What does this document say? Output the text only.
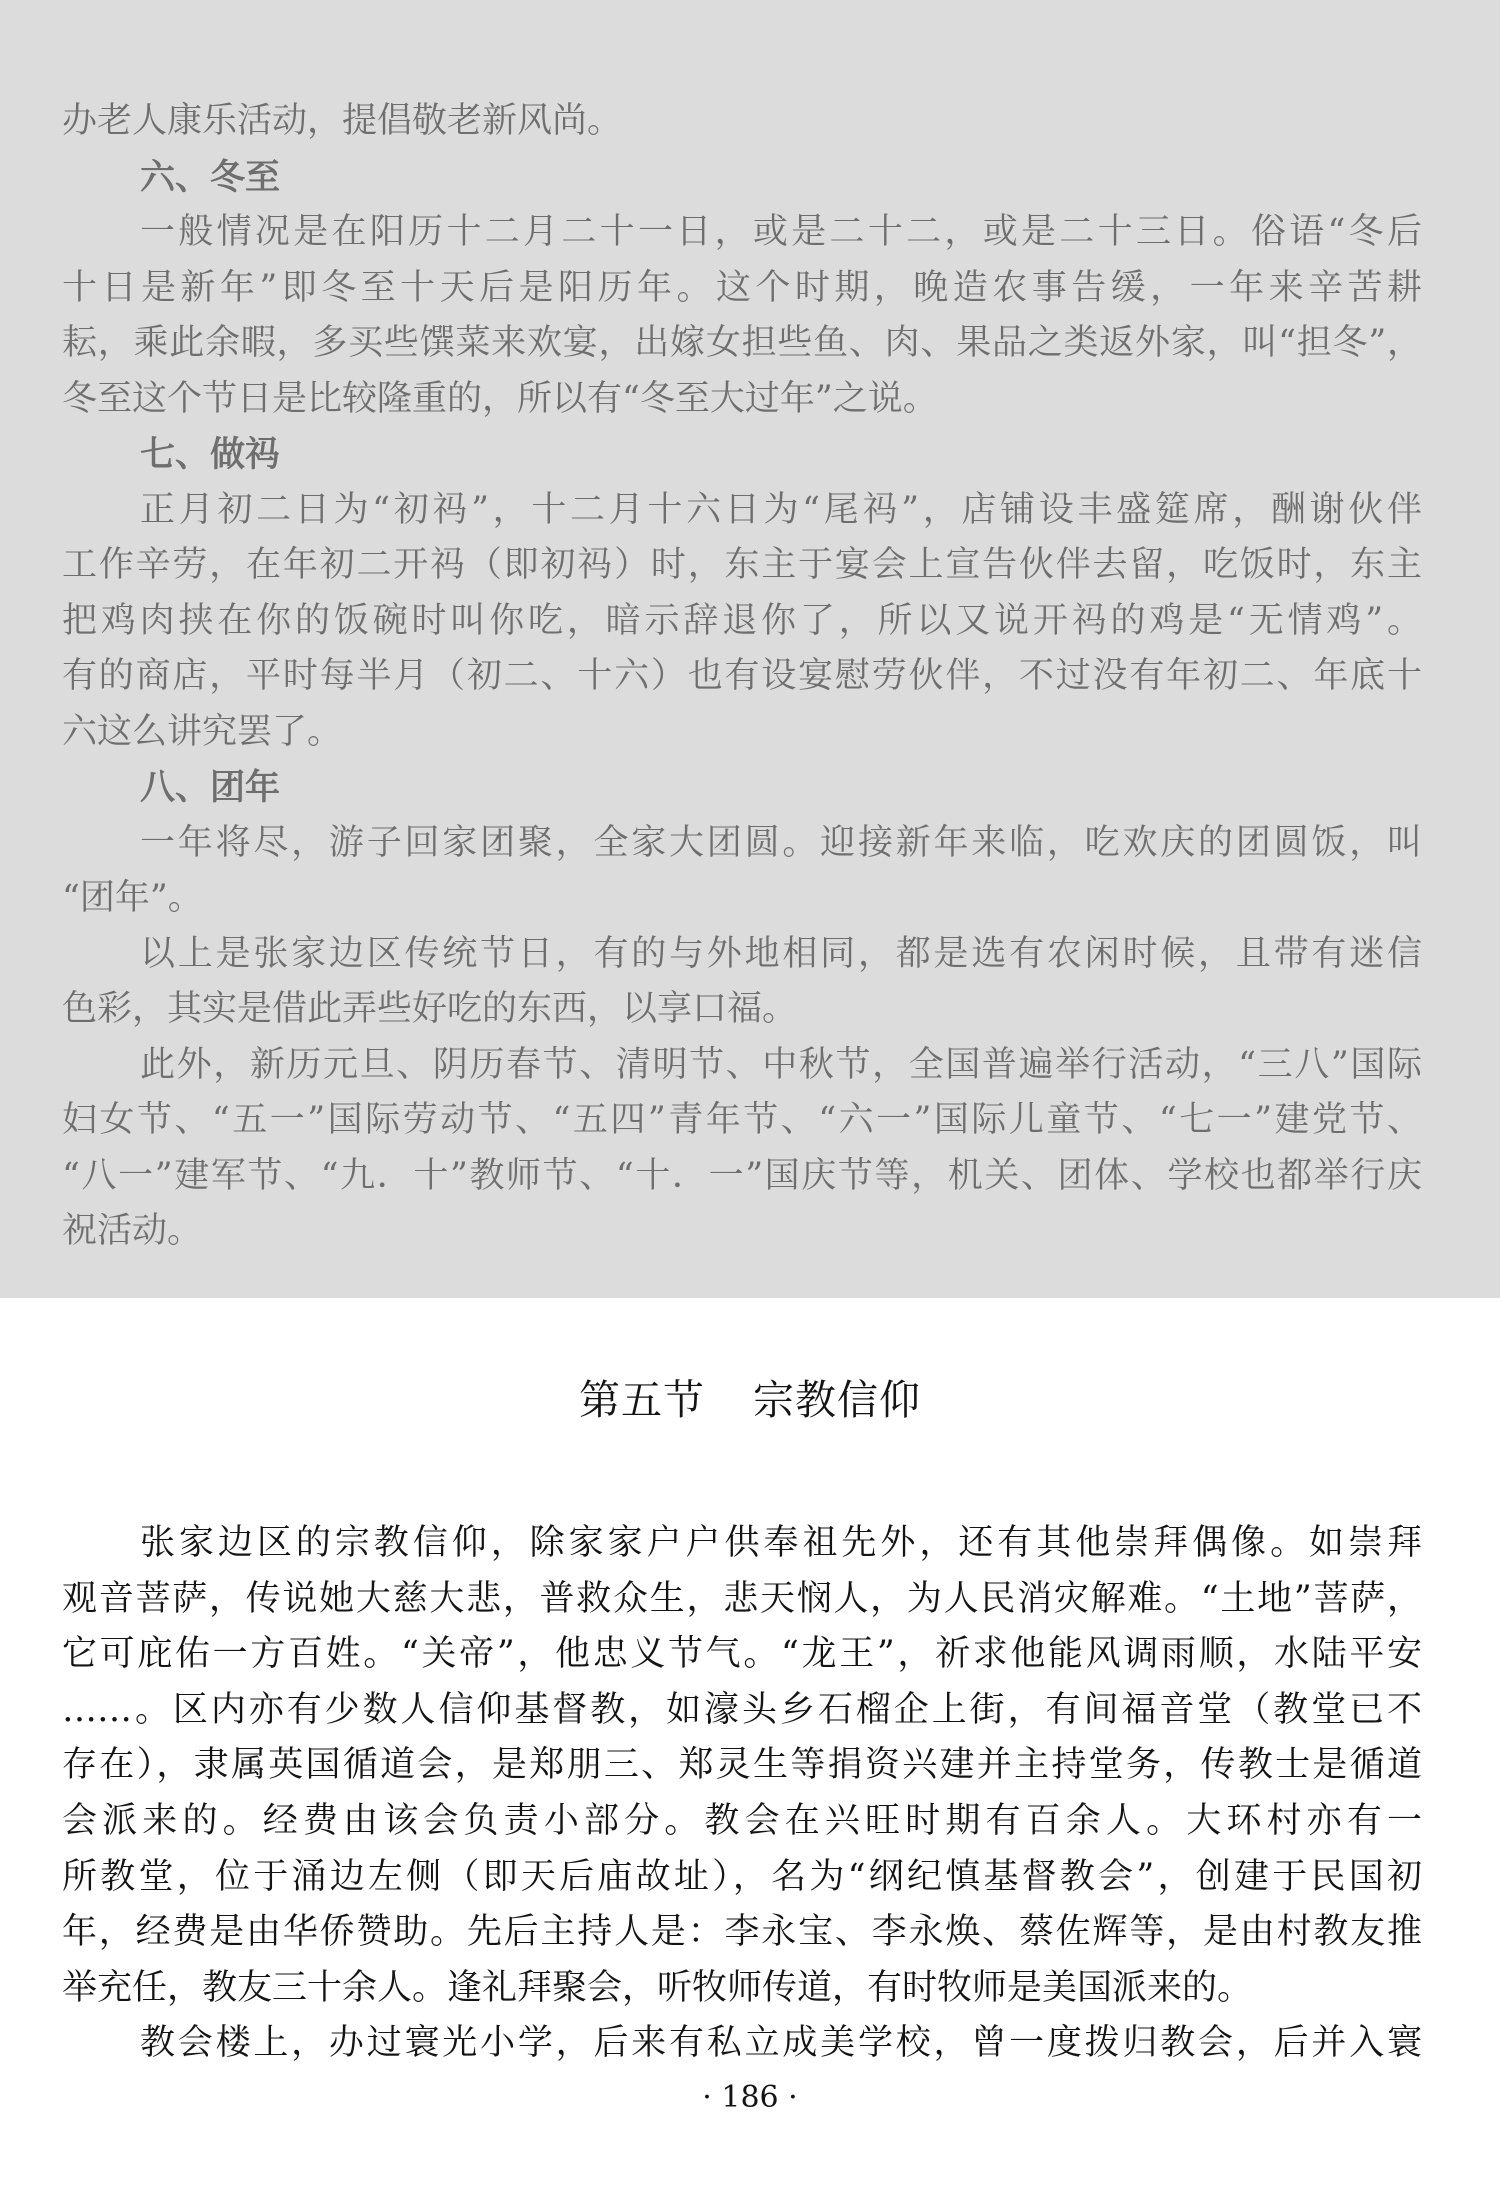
办老人康乐活动，提倡敬老新风尚。
六、冬至
一般情况是在阳历十二月二十一日，或是二十二，或是二十三日。俗语“冬后
十日是新年”即冬至十天后是阳历年。这个时期，晚造农事告缓，一年来辛苦耕
耘，乘此余暇，多买些馔菜来欢宴，出嫁女担些鱼、肉、果品之类返外家，叫“担冬”，
冬至这个节日是比较隆重的，所以有“冬至大过年”之说。
七、做祃
正月初二日为“初祃”，十二月十六日为“尾祃”，店铺设丰盛筵席，酬谢伙伴
工作辛劳，在年初二开祃（即初祃）时，东主于宴会上宣告伙伴去留，吃饭时，东主
把鸡肉挟在你的饭碗时叫你吃，暗示辞退你了，所以又说开祃的鸡是“无情鸡”。
有的商店，平时每半月（初二、十六）也有设宴慰劳伙伴，不过没有年初二、年底十
六这么讲究罢了。
八、团年
一年将尽，游子回家团聚，全家大团圆。迎接新年来临，吃欢庆的团圆饭，叫
“团年”。
以上是张家边区传统节日，有的与外地相同，都是选有农闲时候，且带有迷信
色彩，其实是借此弄些好吃的东西，以享口福。
此外，新历元旦、阴历春节、清明节、中秋节，全国普遍举行活动，“三八”国际
妇女节、“五一”国际劳动节、“五四”青年节、“六一”国际儿童节、“七一”建党节、
“八一”建军节、“九．十”教师节、“十．一”国庆节等，机关、团体、学校也都举行庆
祝活动。
第五节 宗教信仰
张家边区的宗教信仰，除家家户户供奉祖先外，还有其他崇拜偶像。如崇拜
观音菩萨，传说她大慈大悲，普救众生，悲天悯人，为人民消灾解难。“土地”菩萨，
它可庇佑一方百姓。“关帝”，他忠义节气。“龙王”，祈求他能风调雨顺，水陆平安
……。区内亦有少数人信仰基督教，如濠头乡石榴企上街，有间福音堂（教堂已不
存在），隶属英国循道会，是郑朋三、郑灵生等捐资兴建并主持堂务，传教士是循道
会派来的。经费由该会负责小部分。教会在兴旺时期有百余人。大环村亦有一
所教堂，位于涌边左侧（即天后庙故址），名为“纲纪慎基督教会”，创建于民国初
年，经费是由华侨赞助。先后主持人是：李永宝、李永焕、蔡佐辉等，是由村教友推
举充任，教友三十余人。逢礼拜聚会，听牧师传道，有时牧师是美国派来的。
教会楼上，办过寰光小学，后来有私立成美学校，曾一度拨归教会，后并入寰
· 186 ·
